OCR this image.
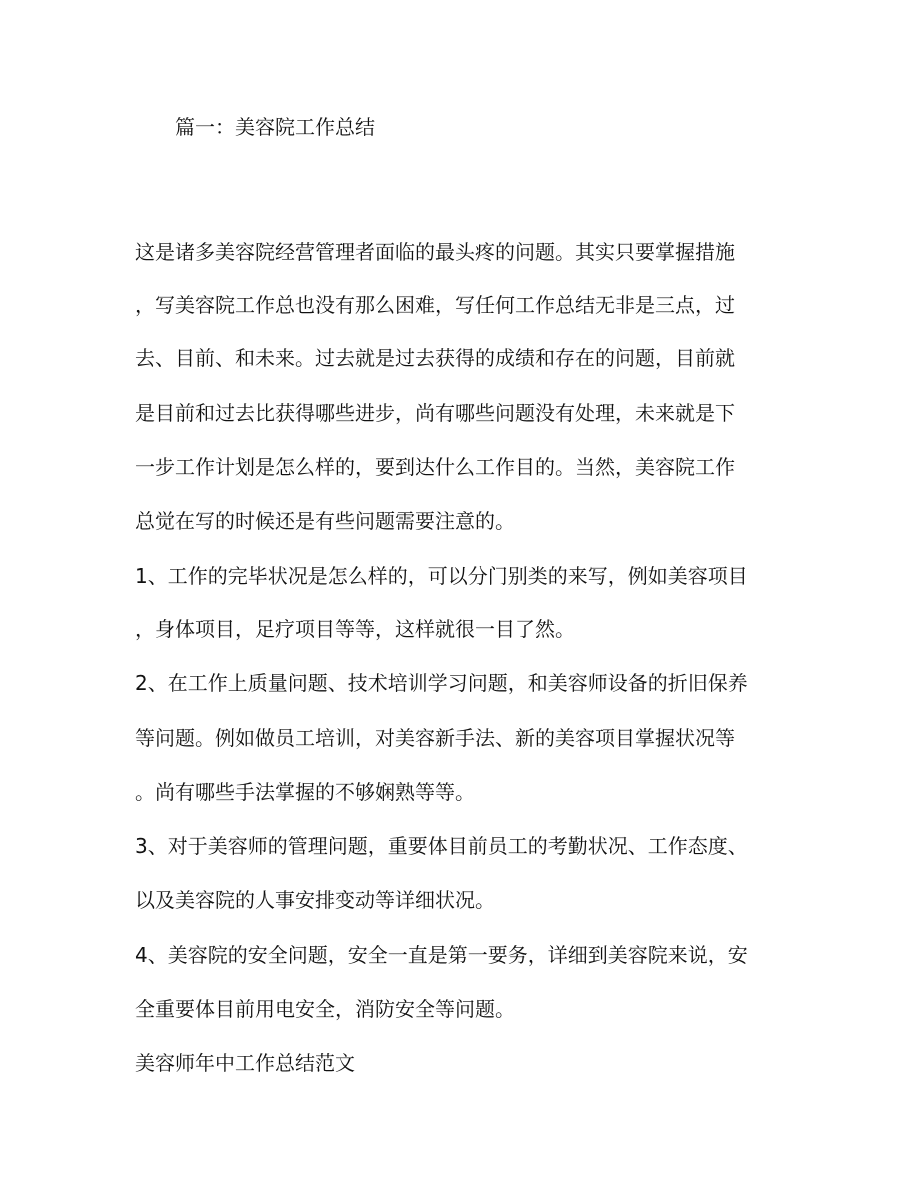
篇一：美容院工作总结
这是诸多美容院经营管理者面临的最头疼的问题。其实只要掌握措施
，写美容院工作总也没有那么困难，写任何工作总结无非是三点，过
去、目前、和未来。过去就是过去获得的成绩和存在的问题，目前就
是目前和过去比获得哪些进步，尚有哪些问题没有处理，未来就是下
一步工作计划是怎么样的，要到达什么工作目的。当然，美容院工作
总觉在写的时候还是有些问题需要注意的。
1、工作的完毕状况是怎么样的，可以分门别类的来写，例如美容项目
，身体项目，足疗项目等等，这样就很一目了然。
2、在工作上质量问题、技术培训学习问题，和美容师设备的折旧保养
等问题。例如做员工培训，对美容新手法、新的美容项目掌握状况等
。尚有哪些手法掌握的不够娴熟等等。
3、对于美容师的管理问题，重要体目前员工的考勤状况、工作态度、
以及美容院的人事安排变动等详细状况。
4、美容院的安全问题，安全一直是第一要务，详细到美容院来说，安
全重要体目前用电安全，消防安全等问题。
美容师年中工作总结范文
